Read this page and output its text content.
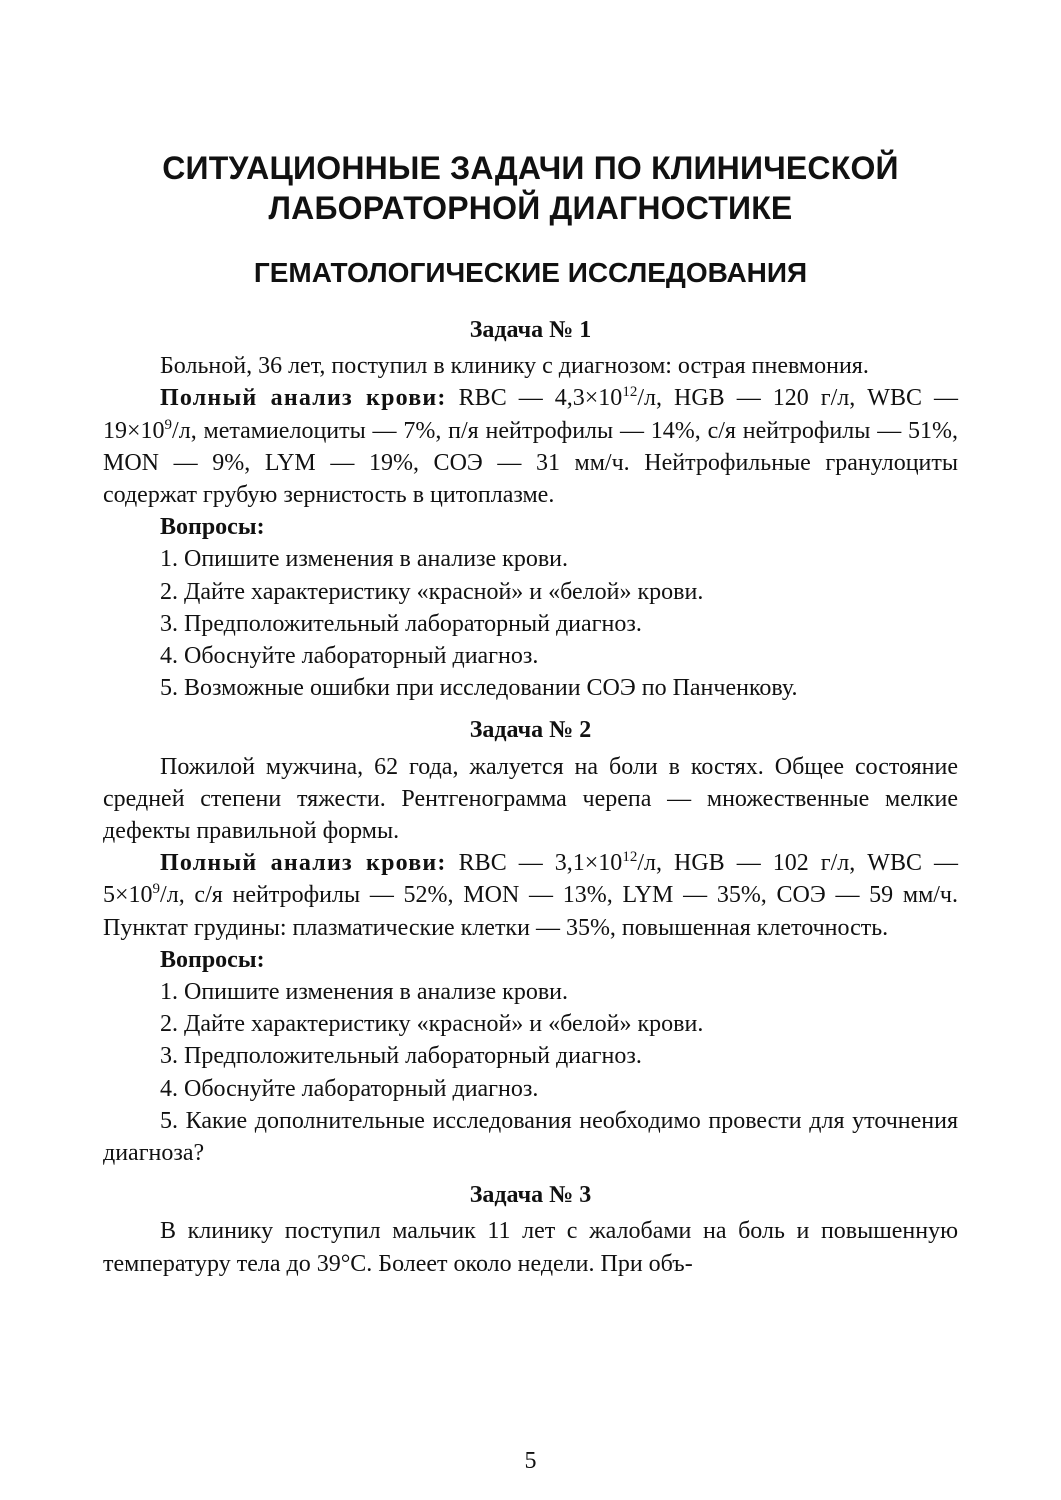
СИТУАЦИОННЫЕ ЗАДАЧИ ПО КЛИНИЧЕСКОЙ
ЛАБОРАТОРНОЙ ДИАГНОСТИКЕ
ГЕМАТОЛОГИЧЕСКИЕ ИССЛЕДОВАНИЯ
Задача № 1

Больной, 36 лет, поступил в клинику с диагнозом: острая пневмония.

Полный анализ крови: RBC — $4,3\times 10^{12}/л$, HGB — 120 г/л, WBC — $19\times 10^9/л$, метамиелоциты — 7%, п/я нейтрофилы — 14%, с/я нейтрофилы — 51%, MON — 9%, LYM — 19%, СОЭ — 31 мм/ч. Нейтрофильные гранулоциты содержат грубую зернистость в цитоплазме.

Вопросы:
1. Опишите изменения в анализе крови.
2. Дайте характеристику «красной» и «белой» крови.
3. Предположительный лабораторный диагноз.
4. Обоснуйте лабораторный диагноз.
5. Возможные ошибки при исследовании СОЭ по Панченкову.
Задача № 2

Пожилой мужчина, 62 года, жалуется на боли в костях. Общее состояние средней степени тяжести. Рентгенограмма черепа — множественные мелкие дефекты правильной формы.

Полный анализ крови: RBC — $3,1\times 10^{12}/л$, HGB — 102 г/л, WBC — $5\times 10^9/л$, с/я нейтрофилы — 52%, MON — 13%, LYM — 35%, СОЭ — 59 мм/ч. Пунктат грудины: плазматические клетки — 35%, повышенная клеточность.

Вопросы:
1. Опишите изменения в анализе крови.
2. Дайте характеристику «красной» и «белой» крови.
3. Предположительный лабораторный диагноз.
4. Обоснуйте лабораторный диагноз.

5. Какие дополнительные исследования необходимо провести для уточнения диагноза?

Задача № 3

В клинику поступил мальчик 11 лет с жалобами на боль и повышенную температуру тела до 39°С. Болеет около недели. При объ-

5
